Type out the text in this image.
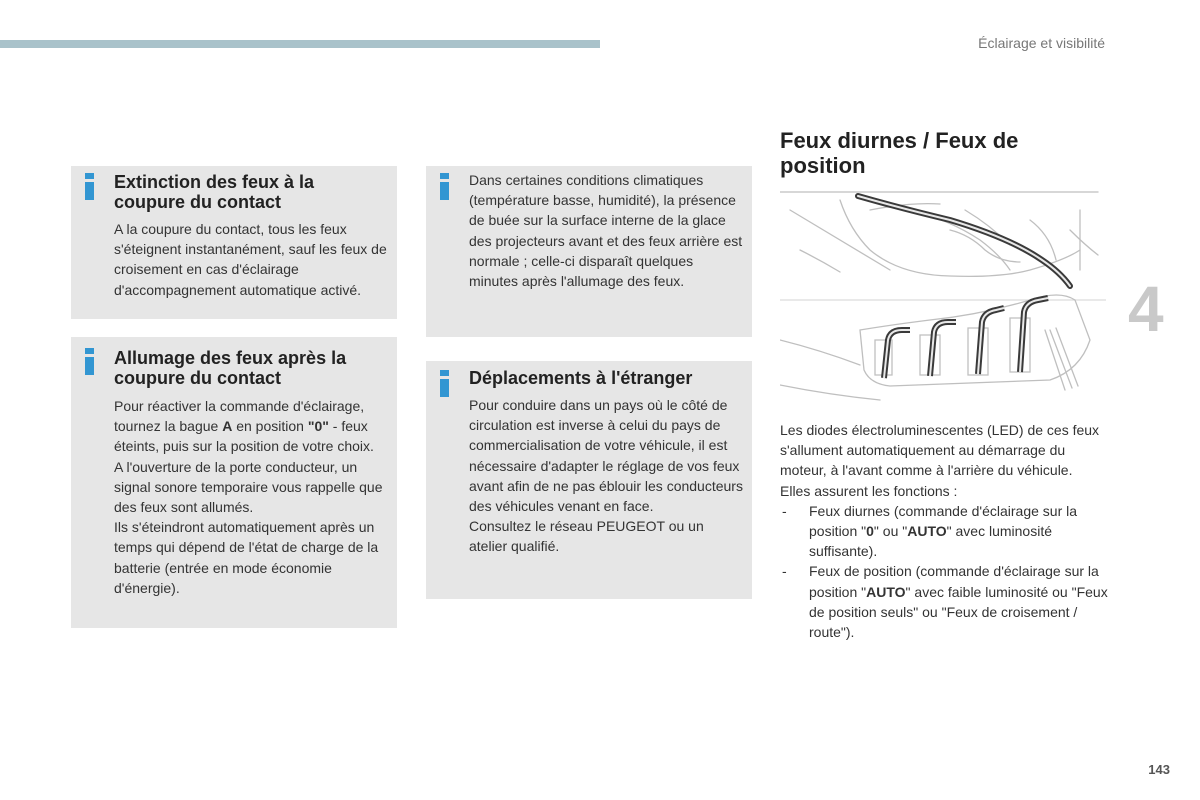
Éclairage et visibilité
4
Extinction des feux à la coupure du contact

A la coupure du contact, tous les feux s'éteignent instantanément, sauf les feux de croisement en cas d'éclairage d'accompagnement automatique activé.

Dans certaines conditions climatiques (température basse, humidité), la présence de buée sur la surface interne de la glace des projecteurs avant et des feux arrière est normale ; celle-ci disparaît quelques minutes après l'allumage des feux.

Allumage des feux après la coupure du contact

Pour réactiver la commande d'éclairage, tournez la bague A en position "0" - feux éteints, puis sur la position de votre choix.

A l'ouverture de la porte conducteur, un signal sonore temporaire vous rappelle que des feux sont allumés.

Ils s'éteindront automatiquement après un temps qui dépend de l'état de charge de la batterie (entrée en mode économie d'énergie).

Déplacements à l'étranger

Pour conduire dans un pays où le côté de circulation est inverse à celui du pays de commercialisation de votre véhicule, il est nécessaire d'adapter le réglage de vos feux avant afin de ne pas éblouir les conducteurs des véhicules venant en face.

Consultez le réseau PEUGEOT ou un atelier qualifié.

Feux diurnes / Feux de position

Les diodes électroluminescentes (LED) de ces feux s'allument automatiquement au démarrage du moteur, à l'avant comme à l'arrière du véhicule.

Elles assurent les fonctions :

- Feux diurnes (commande d'éclairage sur la position "0" ou "AUTO" avec luminosité suffisante).
- Feux de position (commande d'éclairage sur la position "AUTO" avec faible luminosité ou "Feux de position seuls" ou "Feux de croisement / route").
143
